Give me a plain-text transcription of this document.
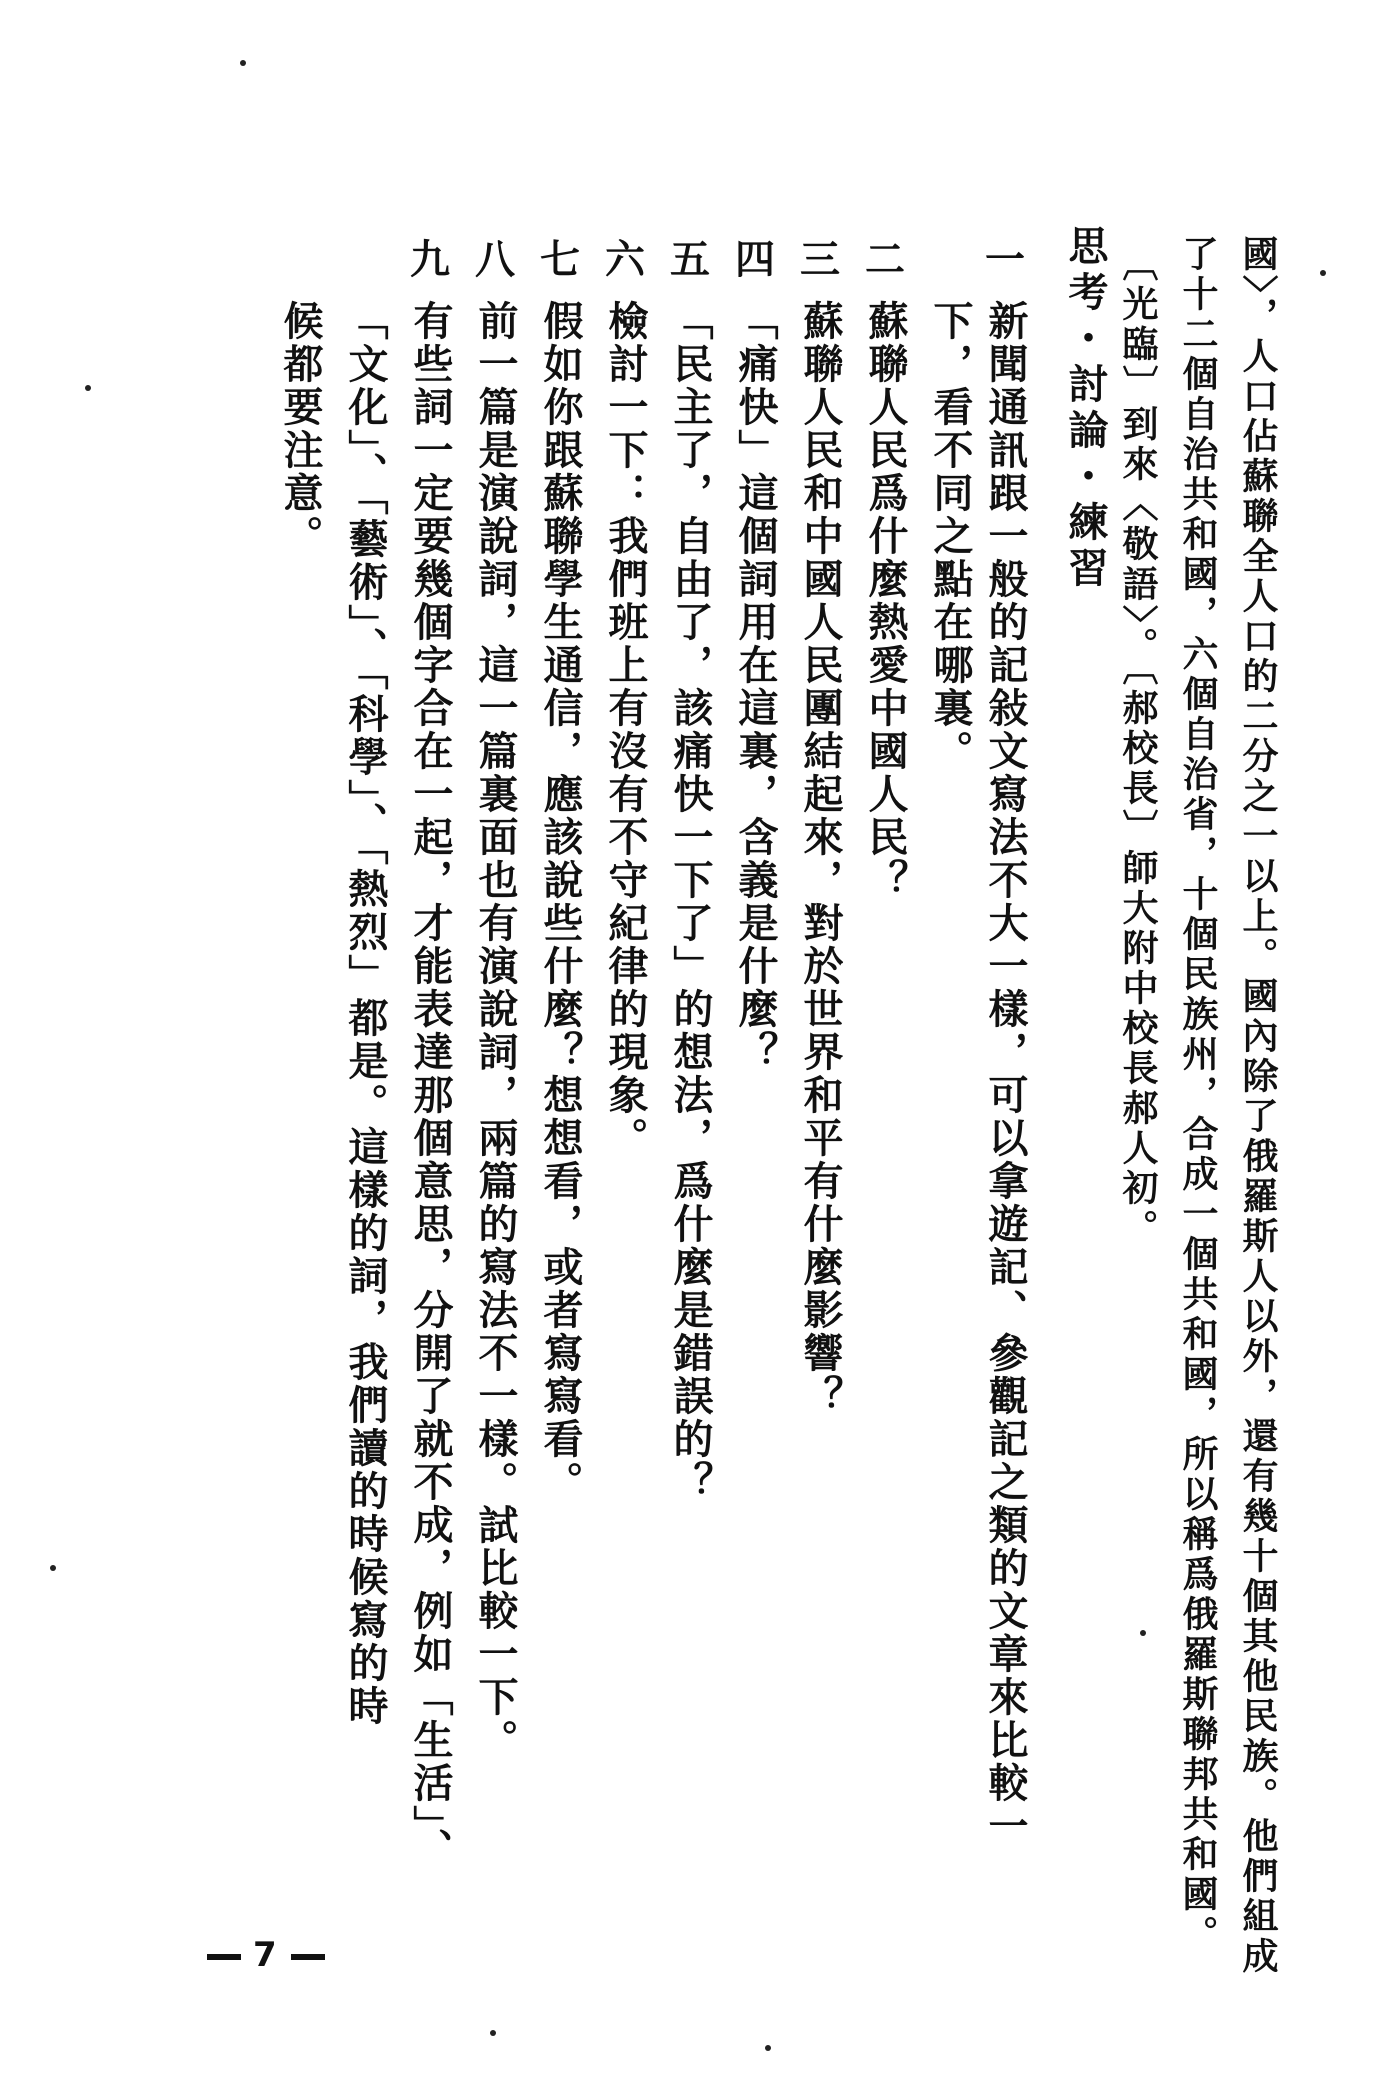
國〉，人口佔蘇聯全人口的二分之一以上。國內除了俄羅斯人以外，還有幾十個其他民族。他們組成
了十二個自治共和國，六個自治省，十個民族州，合成一個共和國，所以稱爲俄羅斯聯邦共和國。
〔光臨〕到來〈敬語〉。〔郝校長〕師大附中校長郝人初。
思考・討論・練習
一
新聞通訊跟一般的記敍文寫法不大一樣，可以拿遊記、參觀記之類的文章來比較一
下，看不同之點在哪裏。
二
蘇聯人民爲什麼熱愛中國人民？
三
蘇聯人民和中國人民團結起來，對於世界和平有什麼影響？
四
「痛快」這個詞用在這裏，含義是什麼？
五
「民主了，自由了，該痛快一下了」的想法，爲什麼是錯誤的？
六
檢討一下：我們班上有沒有不守紀律的現象。
七
假如你跟蘇聯學生通信，應該說些什麼？想想看，或者寫寫看。
八
前一篇是演說詞，這一篇裏面也有演說詞，兩篇的寫法不一樣。試比較一下。
九
有些詞一定要幾個字合在一起，才能表達那個意思，分開了就不成，例如「生活」、
「文化」、「藝術」、「科學」、「熱烈」都是。這樣的詞，我們讀的時候寫的時
候都要注意。
7
